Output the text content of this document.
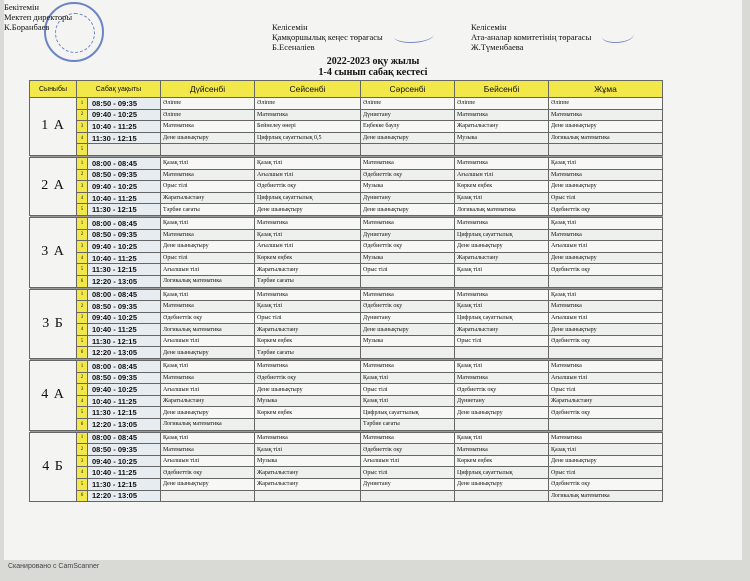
Бекітемін
Мектеп директоры
К.Боранбаев	Келісемін
Қамқоршылық кеңес төрағасы
Б.Есеналіев
Келісемін
Ата-аналар комитетінің төрағасы
Ж.Түменбаева
2022-2023 оқу жылы
1-4 сынып сабақ кестесі
Сыныбы	Сабақ уақыты		Дүйсенбі	Сейсенбі	Сәрсенбі	Бейсенбі	Жұма
1 А	1	08:50 - 09:35	Әліппе	Әліппе	Әліппе	Әліппе	Әліппе
	2	09:40 - 10:25	Әліппе	Математика	Дүниетану	Математика	Математика
	3	10:40 - 11:25	Математика	Бейнелеу өнері	Еңбекке баулу	Жаратылыстану	Дене шынықтыру
	4	11:30 - 12:15	Дене шынықтыру	Цифрлық сауаттылық 0,5	Дене шынықтыру	Музыка	Логикалық математика
	5						

2 А	1	08:00 - 08:45	Қазақ тілі	Қазақ тілі	Математика	Математика	Қазақ тілі
	2	08:50 - 09:35	Математика	Ағылшын тілі	Әдебиеттік оқу	Ағылшын тілі	Математика
	3	09:40 - 10:25	Орыс тілі	Әдебиеттік оқу	Музыка	Көркем еңбек	Дене шынықтыру
	4	10:40 - 11:25	Жаратылыстану	Цифрлық сауаттылық	Дүниетану	Қазақ тілі	Орыс тілі
	5	11:30 - 12:15	Тәрбие сағаты	Дене шынықтыру	Дене шынықтыру	Логикалық математика	Әдебиеттік оқу

3 А	1	08:00 - 08:45	Қазақ тілі	Математика	Математика	Математика	Қазақ тілі
	2	08:50 - 09:35	Математика	Қазақ тілі	Дүниетану	Цифрлық сауаттылық	Математика
	3	09:40 - 10:25	Дене шынықтыру	Ағылшын тілі	Әдебиеттік оқу	Дене шынықтыру	Ағылшын тілі
	4	10:40 - 11:25	Орыс тілі	Көркем еңбек	Музыка	Жаратылыстану	Дене шынықтыру
	5	11:30 - 12:15	Ағылшын тілі	Жаратылыстану	Орыс тілі	Қазақ тілі	Әдебиеттік оқу
	6	12:20 - 13:05	Логикалық математика	Тәрбие сағаты			

3 Б	1	08:00 - 08:45	Қазақ тілі	Математика	Математика	Математика	Қазақ тілі
	2	08:50 - 09:35	Математика	Қазақ тілі	Әдебиеттік оқу	Қазақ тілі	Математика
	3	09:40 - 10:25	Әдебиеттік оқу	Орыс тілі	Дүниетану	Цифрлық сауаттылық	Ағылшын тілі
	4	10:40 - 11:25	Логикалық математика	Жаратылыстану	Дене шынықтыру	Жаратылыстану	Дене шынықтыру
	5	11:30 - 12:15	Ағылшын тілі	Көркем еңбек	Музыка	Орыс тілі	Әдебиеттік оқу
	6	12:20 - 13:05	Дене шынықтыру	Тәрбие сағаты			

4 А	1	08:00 - 08:45	Қазақ тілі	Математика	Математика	Қазақ тілі	Математика
	2	08:50 - 09:35	Математика	Әдебиеттік оқу	Қазақ тілі	Математика	Ағылшын тілі
	3	09:40 - 10:25	Ағылшын тілі	Дене шынықтыру	Орыс тілі	Әдебиеттік оқу	Орыс тілі
	4	10:40 - 11:25	Жаратылыстану	Музыка	Қазақ тілі	Дүниетану	Жаратылыстану
	5	11:30 - 12:15	Дене шынықтыру	Көркем еңбек	Цифрлық сауаттылық	Дене шынықтыру	Әдебиеттік оқу
	6	12:20 - 13:05	Логикалық математика		Тәрбие сағаты		

4 Б	1	08:00 - 08:45	Қазақ тілі	Математика	Математика	Қазақ тілі	Математика
	2	08:50 - 09:35	Математика	Қазақ тілі	Әдебиеттік оқу	Математика	Қазақ тілі
	3	09:40 - 10:25	Ағылшын тілі	Музыка	Ағылшын тілі	Көркем еңбек	Дене шынықтыру
	4	10:40 - 11:25	Әдебиеттік оқу	Жаратылыстану	Орыс тілі	Цифрлық сауаттылық	Орыс тілі
	5	11:30 - 12:15	Дене шынықтыру	Жаратылыстану	Дүниетану	Дене шынықтыру	Әдебиеттік оқу
	6	12:20 - 13:05					Логикалық математика
Сканировано с CamScanner
